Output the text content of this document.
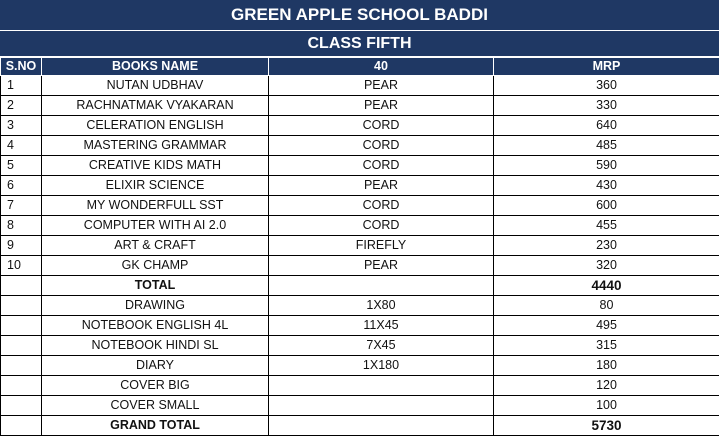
GREEN APPLE SCHOOL BADDI
CLASS FIFTH
S.NO	BOOKS NAME	40	MRP
1	NUTAN UDBHAV	PEAR	360
2	RACHNATMAK VYAKARAN	PEAR	330
3	CELERATION ENGLISH	CORD	640
4	MASTERING GRAMMAR	CORD	485
5	CREATIVE KIDS MATH	CORD	590
6	ELIXIR SCIENCE	PEAR	430
7	MY WONDERFULL SST	CORD	600
8	COMPUTER WITH AI 2.0	CORD	455
9	ART & CRAFT	FIREFLY	230
10	GK CHAMP	PEAR	320
	TOTAL		4440
	DRAWING	1X80	80
	NOTEBOOK ENGLISH 4L	11X45	495
	NOTEBOOK HINDI SL	7X45	315
	DIARY	1X180	180
	COVER BIG		120
	COVER SMALL		100
	GRAND TOTAL		5730
